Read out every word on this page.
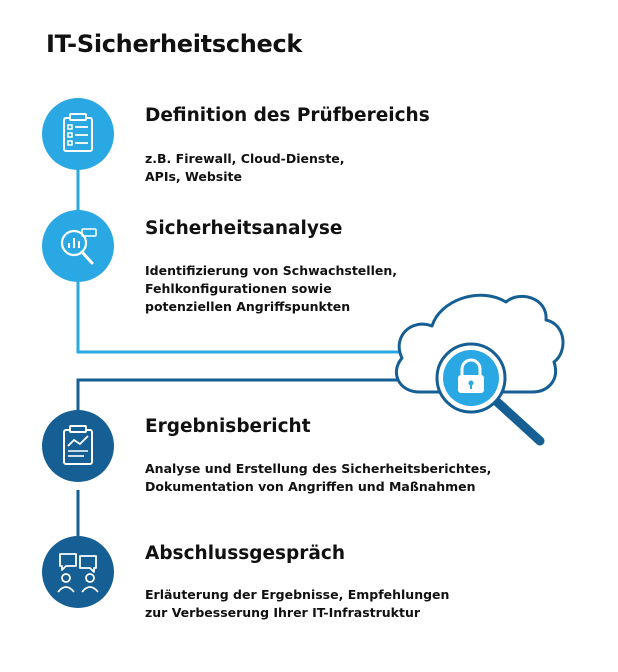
IT-Sicherheitscheck
Definition des Prüfbereichs
z.B. Firewall, Cloud-Dienste,
APIs, Website
Sicherheitsanalyse
Identifizierung von Schwachstellen,
Fehlkonfigurationen sowie
potenziellen Angriffspunkten
Ergebnisbericht
Analyse und Erstellung des Sicherheitsberichtes,
Dokumentation von Angriffen und Maßnahmen
Abschlussgespräch
Erläuterung der Ergebnisse, Empfehlungen
zur Verbesserung Ihrer IT-Infrastruktur
